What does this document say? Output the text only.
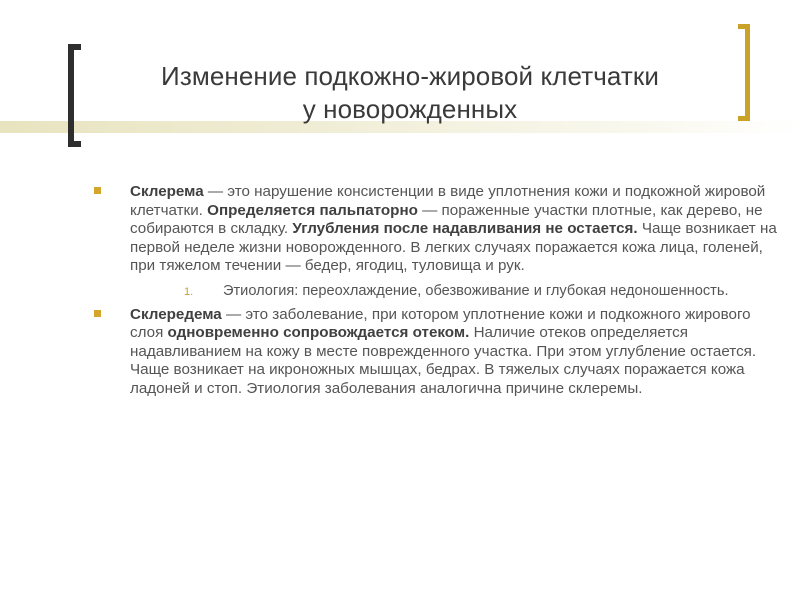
Изменение подкожно-жировой клетчатки
у новорожденных
Склерема — это нарушение консистенции в виде уплотнения кожи и подкожной жировой клетчатки. Определяется пальпаторно — пораженные участки плотные, как дерево, не собираются в складку. Углубления после надавливания не остается. Чаще возникает на первой неделе жизни новорожденного. В легких случаях поражается кожа лица, голеней, при тяжелом течении — бедер, ягодиц, туловища и рук.
1. Этиология: переохлаждение, обезвоживание и глубокая недоношенность.
Склередема — это заболевание, при котором уплотнение кожи и подкожного жирового слоя одновременно сопровождается отеком. Наличие отеков определяется надавливанием на кожу в месте поврежденного участка. При этом углубление остается. Чаще возникает на икроножных мышцах, бедрах. В тяжелых случаях поражается кожа ладоней и стоп. Этиология заболевания аналогична причине склеремы.
